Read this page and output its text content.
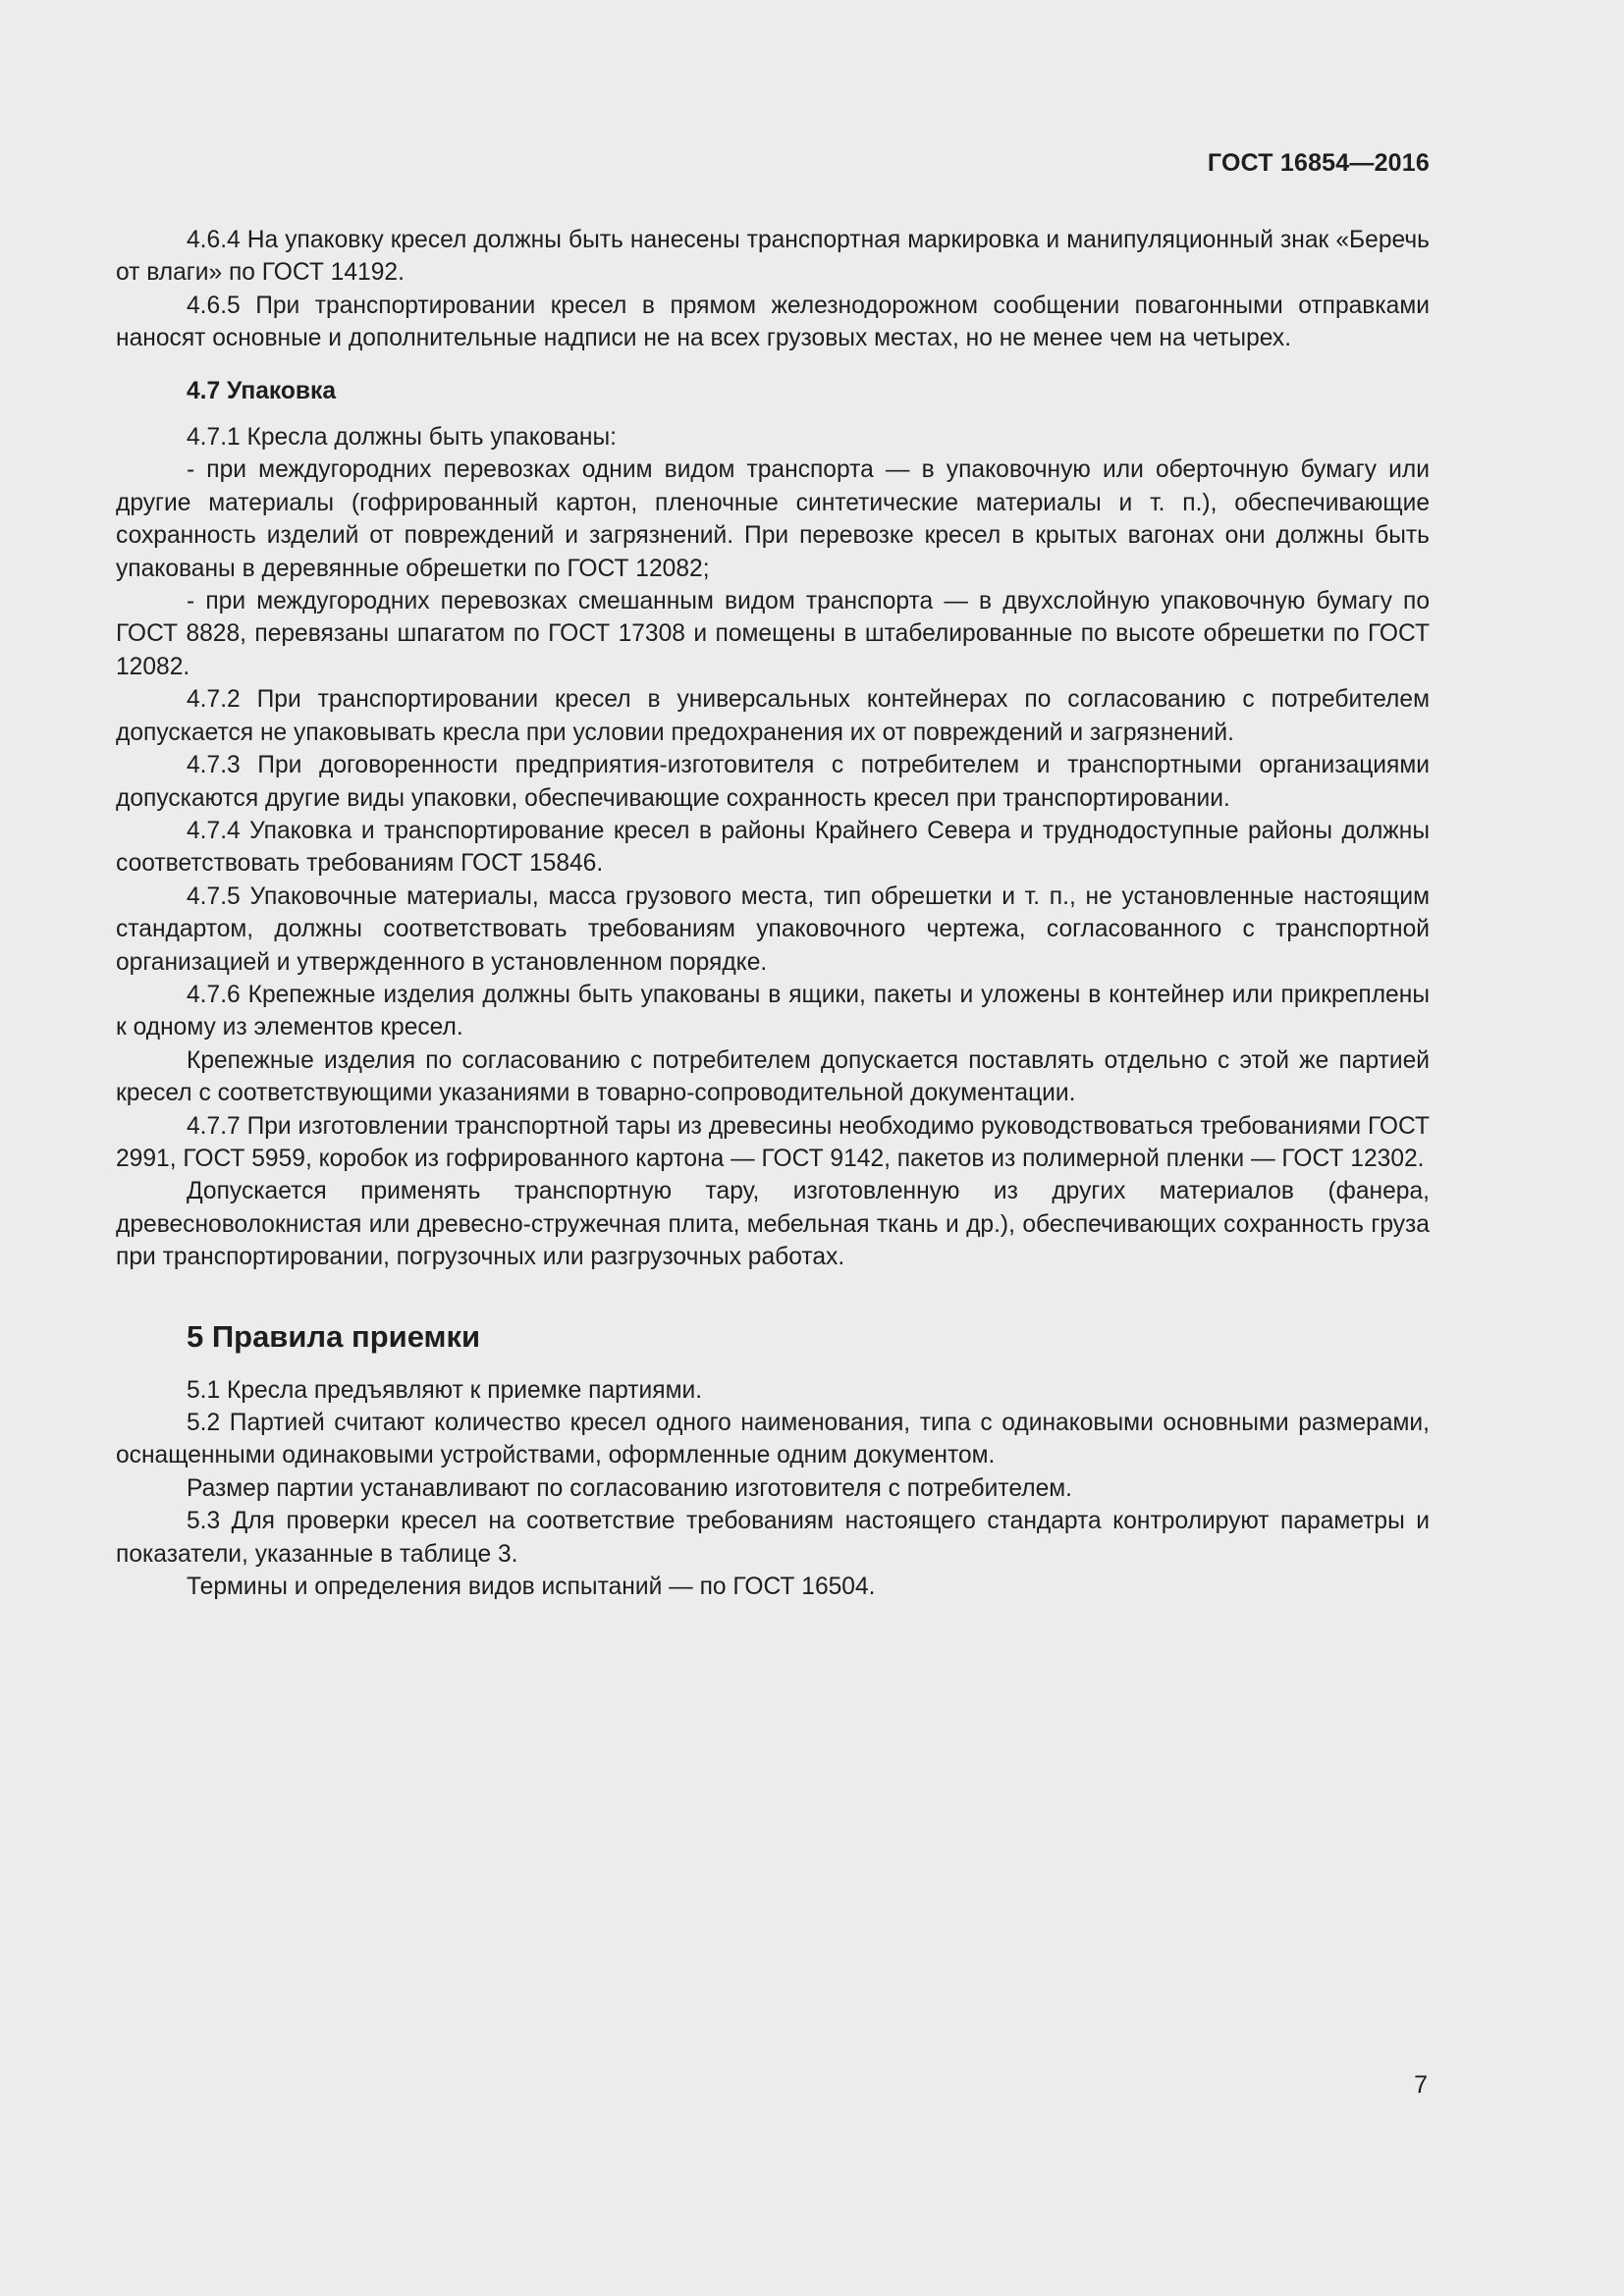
ГОСТ 16854—2016

4.6.4 На упаковку кресел должны быть нанесены транспортная маркировка и манипуляционный знак «Беречь от влаги» по ГОСТ 14192.

4.6.5 При транспортировании кресел в прямом железнодорожном сообщении повагонными отправками наносят основные и дополнительные надписи не на всех грузовых местах, но не менее чем на четырех.

4.7 Упаковка

4.7.1 Кресла должны быть упакованы:

- при междугородних перевозках одним видом транспорта — в упаковочную или оберточную бумагу или другие материалы (гофрированный картон, пленочные синтетические материалы и т. п.), обеспечивающие сохранность изделий от повреждений и загрязнений. При перевозке кресел в крытых вагонах они должны быть упакованы в деревянные обрешетки по ГОСТ 12082;

- при междугородних перевозках смешанным видом транспорта — в двухслойную упаковочную бумагу по ГОСТ 8828, перевязаны шпагатом по ГОСТ 17308 и помещены в штабелированные по высоте обрешетки по ГОСТ 12082.

4.7.2 При транспортировании кресел в универсальных контейнерах по согласованию с потребителем допускается не упаковывать кресла при условии предохранения их от повреждений и загрязнений.

4.7.3 При договоренности предприятия-изготовителя с потребителем и транспортными организациями допускаются другие виды упаковки, обеспечивающие сохранность кресел при транспортировании.

4.7.4 Упаковка и транспортирование кресел в районы Крайнего Севера и труднодоступные районы должны соответствовать требованиям ГОСТ 15846.

4.7.5 Упаковочные материалы, масса грузового места, тип обрешетки и т. п., не установленные настоящим стандартом, должны соответствовать требованиям упаковочного чертежа, согласованного с транспортной организацией и утвержденного в установленном порядке.

4.7.6 Крепежные изделия должны быть упакованы в ящики, пакеты и уложены в контейнер или прикреплены к одному из элементов кресел.

Крепежные изделия по согласованию с потребителем допускается поставлять отдельно с этой же партией кресел с соответствующими указаниями в товарно-сопроводительной документации.

4.7.7 При изготовлении транспортной тары из древесины необходимо руководствоваться требованиями ГОСТ 2991, ГОСТ 5959, коробок из гофрированного картона — ГОСТ 9142, пакетов из полимерной пленки — ГОСТ 12302.

Допускается применять транспортную тару, изготовленную из других материалов (фанера, древесноволокнистая или древесно-стружечная плита, мебельная ткань и др.), обеспечивающих сохранность груза при транспортировании, погрузочных или разгрузочных работах.

5 Правила приемки

5.1 Кресла предъявляют к приемке партиями.

5.2 Партией считают количество кресел одного наименования, типа с одинаковыми основными размерами, оснащенными одинаковыми устройствами, оформленные одним документом.

Размер партии устанавливают по согласованию изготовителя с потребителем.

5.3 Для проверки кресел на соответствие требованиям настоящего стандарта контролируют параметры и показатели, указанные в таблице 3.

Термины и определения видов испытаний — по ГОСТ 16504.

7
